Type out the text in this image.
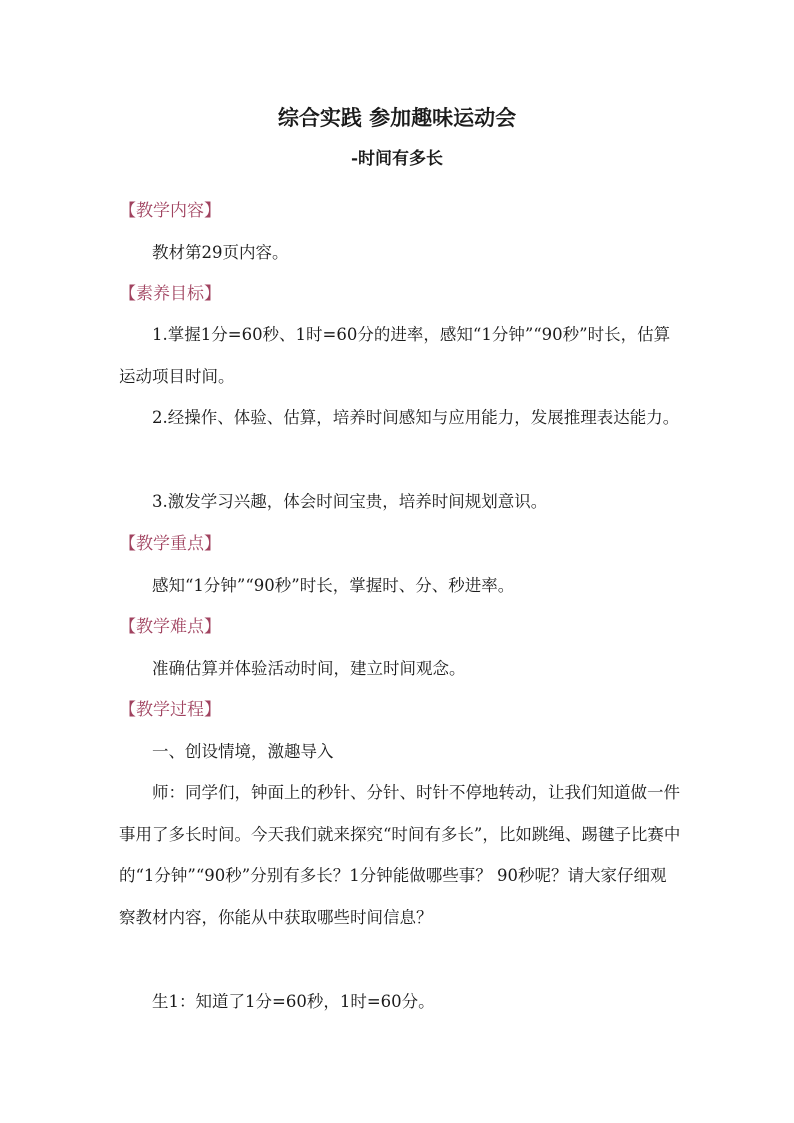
综合实践 参加趣味运动会
-时间有多长
【教学内容】
教材第29页内容。
【素养目标】
1.掌握1分=60秒、1时=60分的进率，感知“1分钟”“90秒”时长，估算运动项目时间。
2.经操作、体验、估算，培养时间感知与应用能力，发展推理表达能力。
3.激发学习兴趣，体会时间宝贵，培养时间规划意识。
【教学重点】
感知“1分钟”“90秒”时长，掌握时、分、秒进率。
【教学难点】
准确估算并体验活动时间，建立时间观念。
【教学过程】
一、创设情境，激趣导入
师：同学们，钟面上的秒针、分针、时针不停地转动，让我们知道做一件事用了多长时间。今天我们就来探究“时间有多长”，比如跳绳、踢毽子比赛中的“1分钟”“90秒”分别有多长？1分钟能做哪些事？ 90秒呢？请大家仔细观察教材内容，你能从中获取哪些时间信息？
生1：知道了1分=60秒，1时=60分。
